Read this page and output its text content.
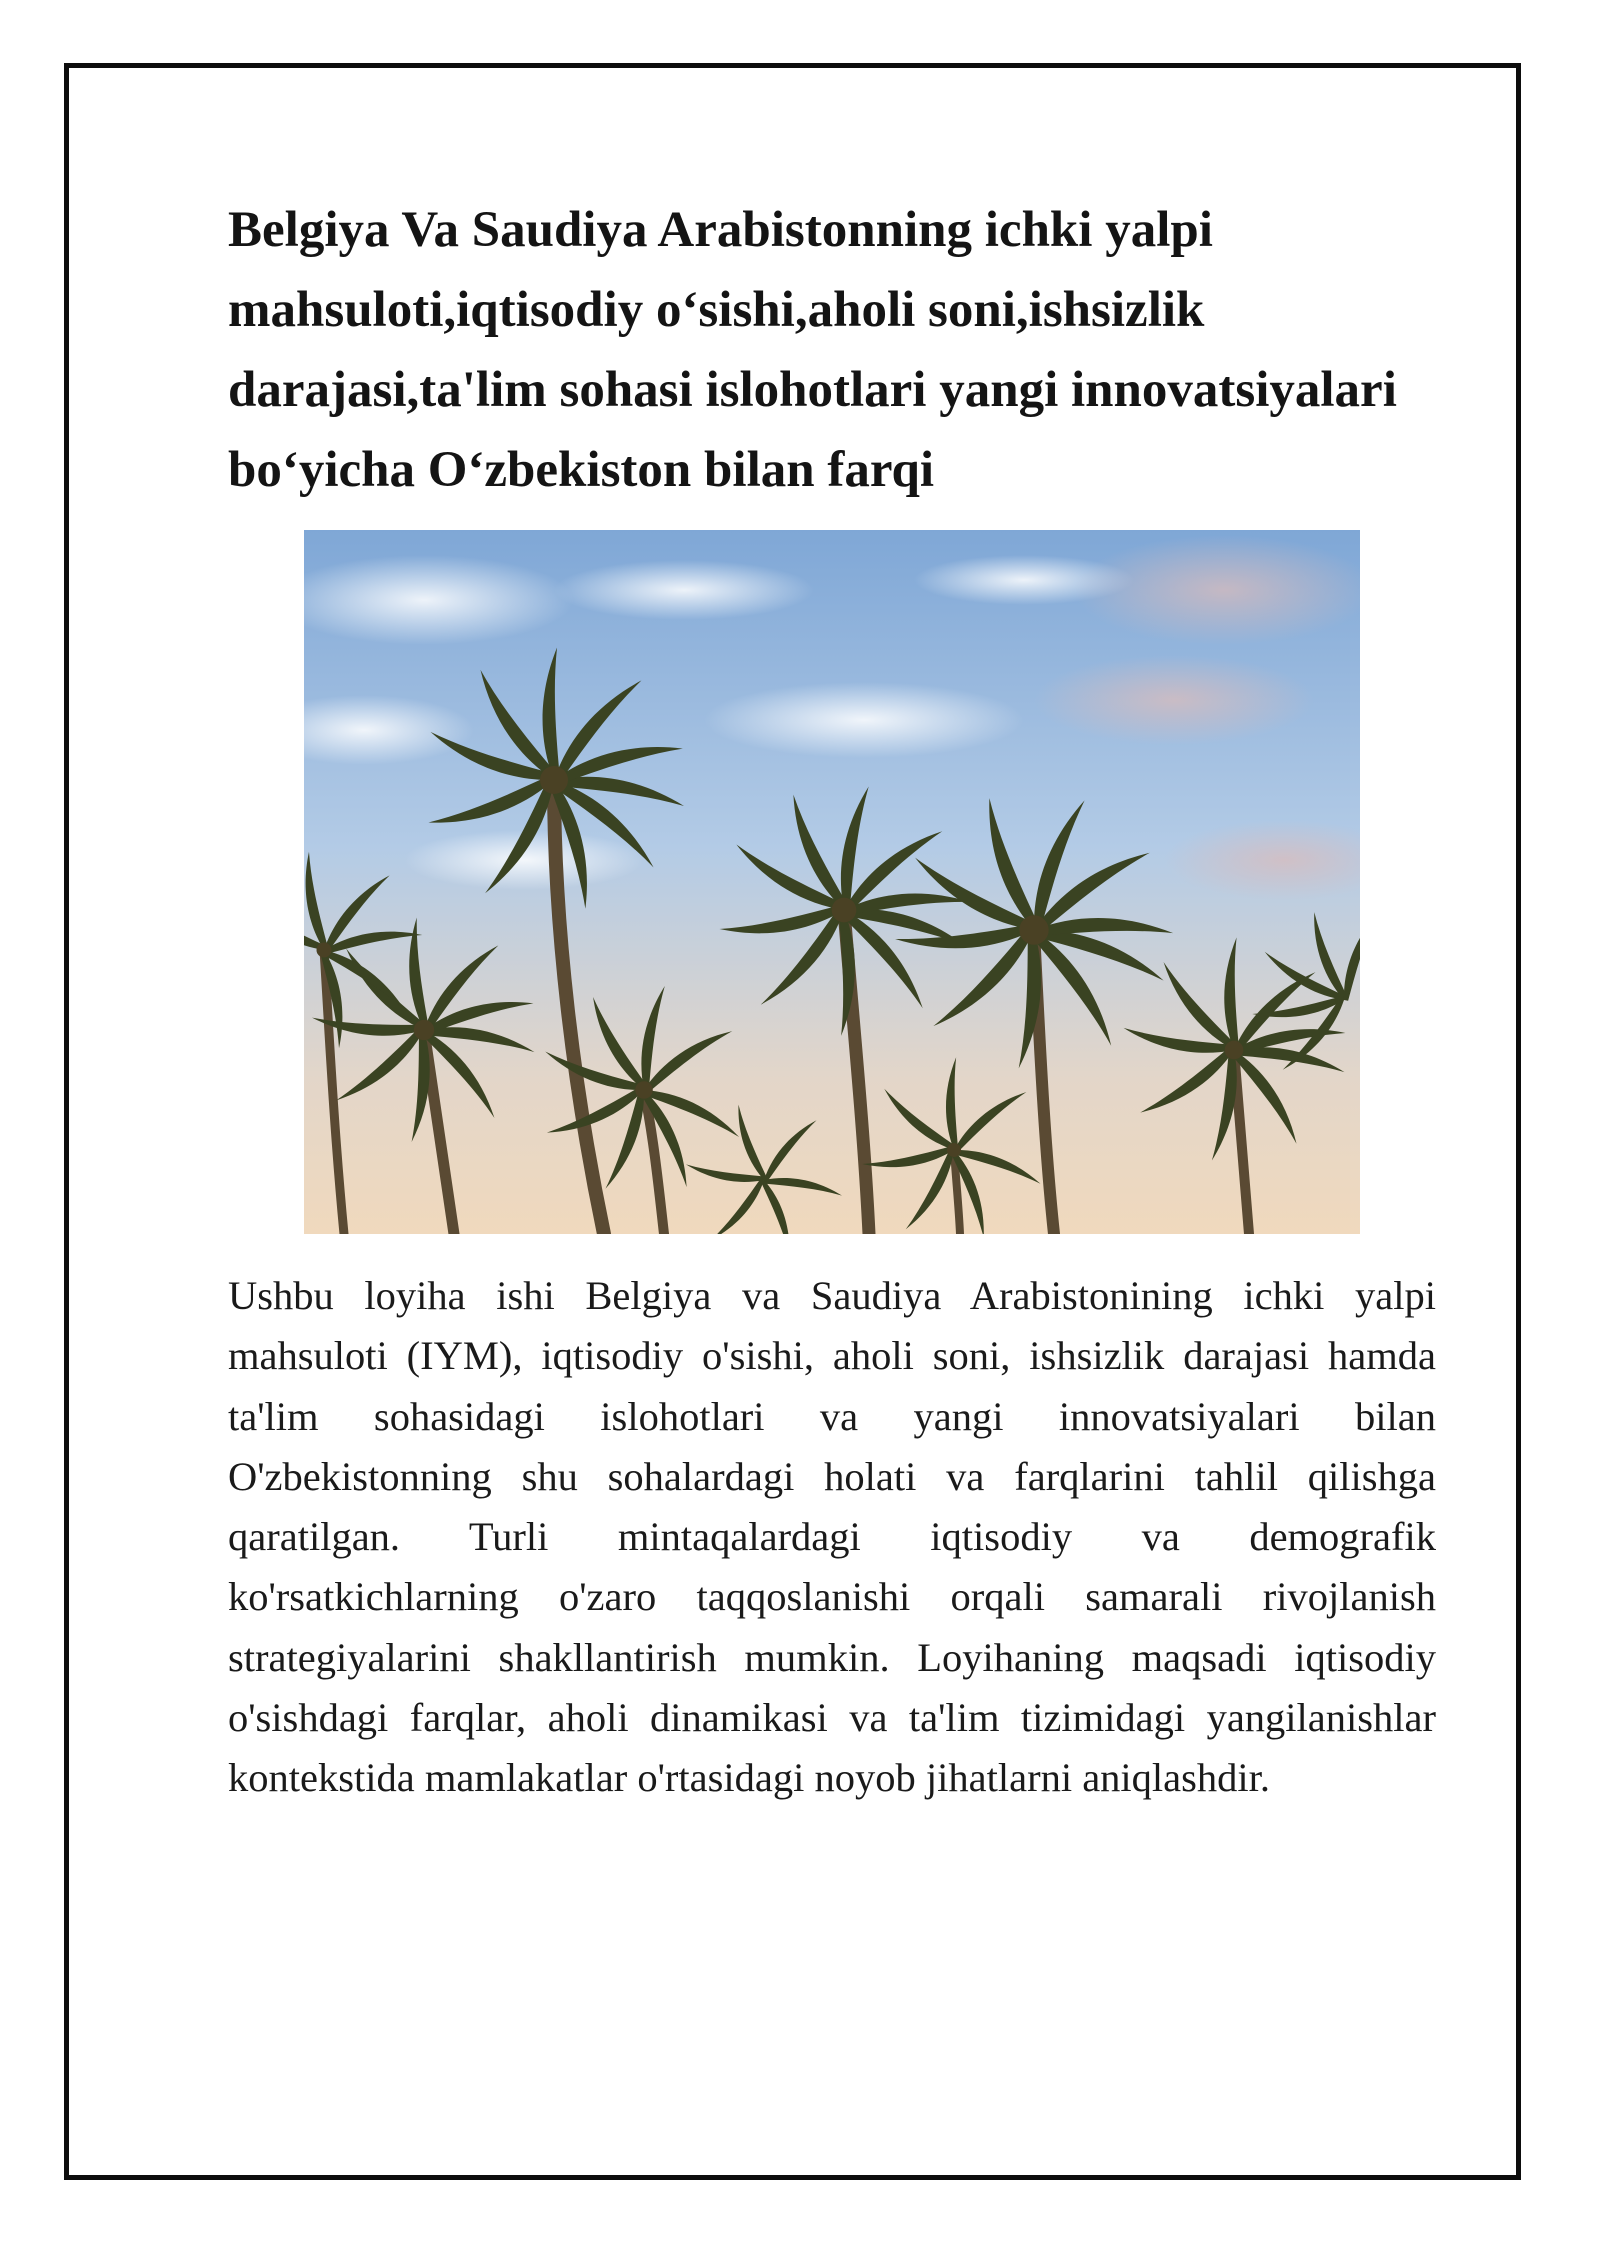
Belgiya Va Saudiya Arabistonning ichki yalpi mahsuloti,iqtisodiy o‘sishi,aholi soni,ishsizlik darajasi,ta'lim sohasi islohotlari yangi innovatsiyalari bo‘yicha O‘zbekiston bilan farqi

Ushbu loyiha ishi Belgiya va Saudiya Arabistonining ichki yalpi mahsuloti (IYM), iqtisodiy o'sishi, aholi soni, ishsizlik darajasi hamda ta'lim sohasidagi islohotlari va yangi innovatsiyalari bilan O'zbekistonning shu sohalardagi holati va farqlarini tahlil qilishga qaratilgan. Turli mintaqalardagi iqtisodiy va demografik ko'rsatkichlarning o'zaro taqqoslanishi orqali samarali rivojlanish strategiyalarini shakllantirish mumkin. Loyihaning maqsadi iqtisodiy o'sishdagi farqlar, aholi dinamikasi va ta'lim tizimidagi yangilanishlar kontekstida mamlakatlar o'rtasidagi noyob jihatlarni aniqlashdir.
